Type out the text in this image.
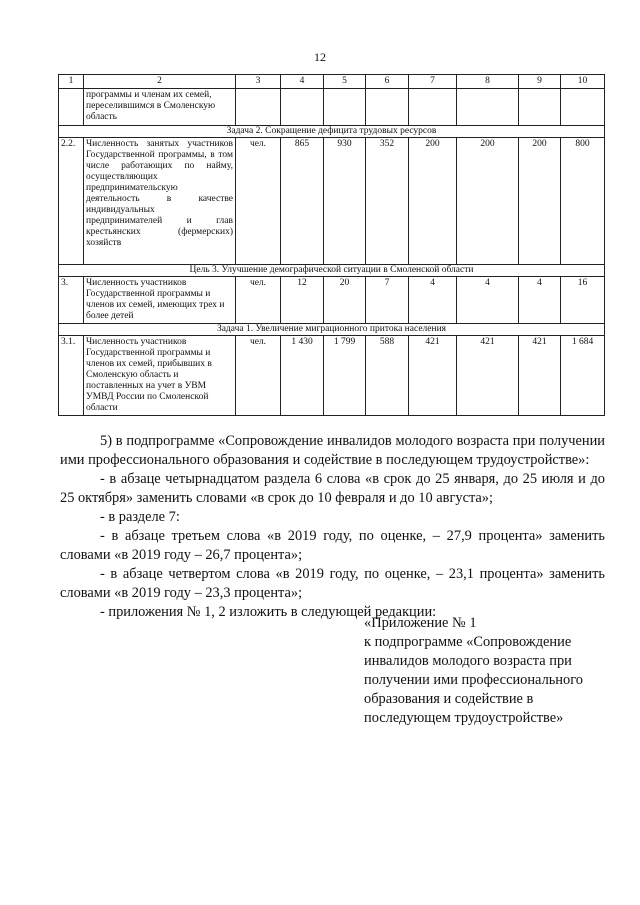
12
1	2	3	4	5	6	7	8	9	10
	программы и членам их семей, переселившимся в Смоленскую область								
Задача 2. Сокращение дефицита трудовых ресурсов									
2.2.	Численность занятых участников Государственной программы, в том числе работающих по найму, осуществляющих предпринимательскую деятельность в качестве индивидуальных предпринимателей и глав крестьянских (фермерских) хозяйств	чел.	865	930	352	200	200	200	800
Цель 3. Улучшение демографической ситуации в Смоленской области									
3.	Численность участников Государственной программы и членов их семей, имеющих трех и более детей	чел.	12	20	7	4	4	4	16
Задача 1. Увеличение миграционного притока населения									
3.1.	Численность участников Государственной программы и членов их семей, прибывших в Смоленскую область и поставленных на учет в УВМ УМВД России по Смоленской области	чел.	1 430	1 799	588	421	421	421	1 684

5) в подпрограмме «Сопровождение инвалидов молодого возраста при получении ими профессионального образования и содействие в последующем трудоустройстве»:

- в абзаце четырнадцатом раздела 6 слова «в срок до 25 января, до 25 июля и до 25 октября» заменить словами «в срок до 10 февраля и до 10 августа»;

- в разделе 7:

- в абзаце третьем слова «в 2019 году, по оценке, – 27,9 процента» заменить словами «в 2019 году – 26,7 процента»;

- в абзаце четвертом слова «в 2019 году, по оценке, – 23,1 процента» заменить словами «в 2019 году – 23,3 процента»;

- приложения № 1, 2 изложить в следующей редакции:

«Приложение № 1
к подпрограмме «Сопровождение инвалидов молодого возраста при получении ими профессионального образования и содействие в последующем трудоустройстве»
